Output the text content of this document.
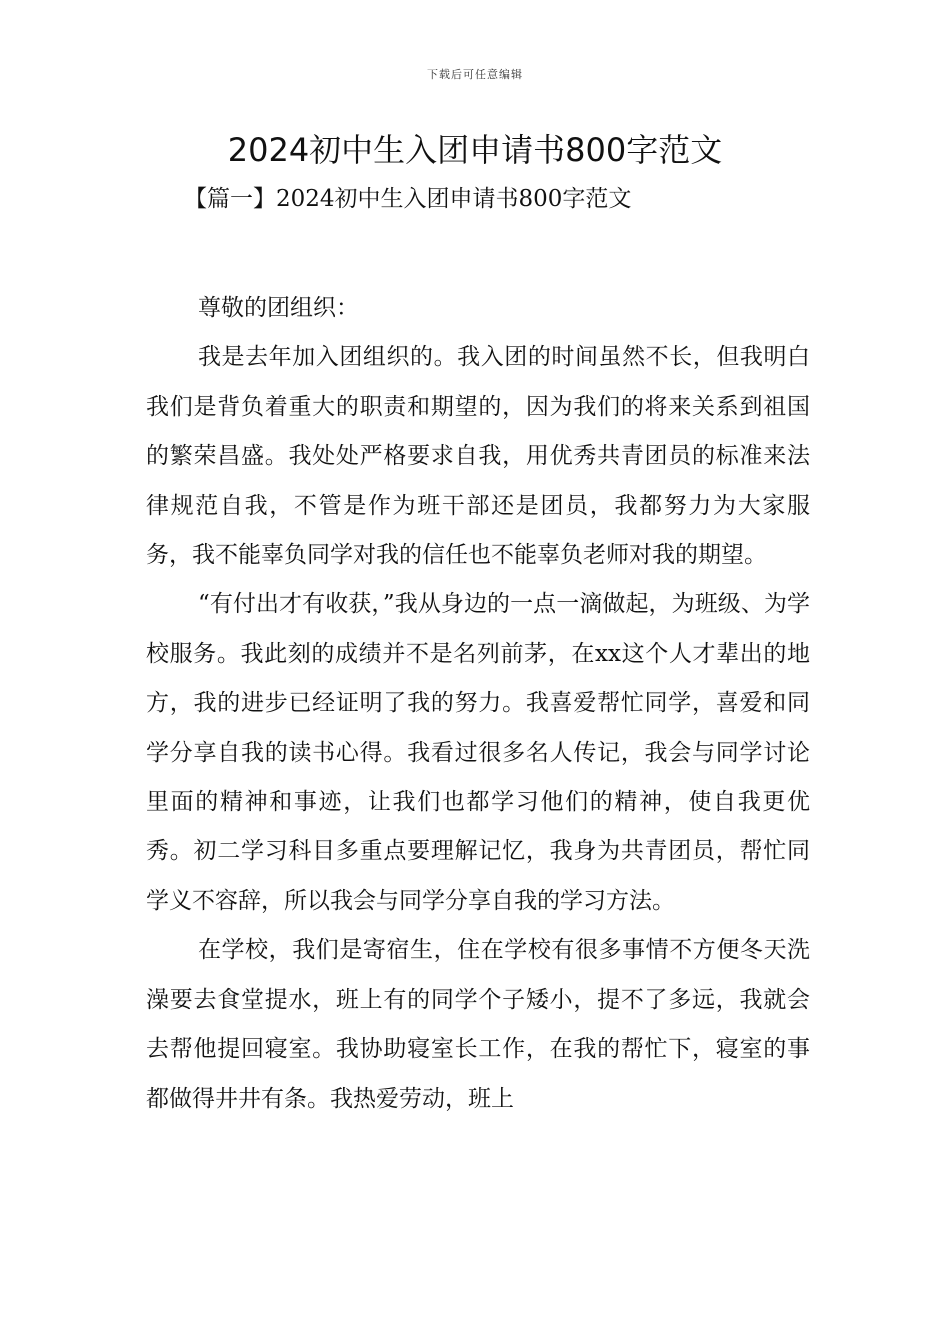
下载后可任意编辑
2024初中生入团申请书800字范文
【篇一】2024初中生入团申请书800字范文

尊敬的团组织：

我是去年加入团组织的。我入团的时间虽然不长，但我明白我们是背负着重大的职责和期望的，因为我们的将来关系到祖国的繁荣昌盛。我处处严格要求自我，用优秀共青团员的标准来法律规范自我，不管是作为班干部还是团员，我都努力为大家服务，我不能辜负同学对我的信任也不能辜负老师对我的期望。

“有付出才有收获，”我从身边的一点一滴做起，为班级、为学校服务。我此刻的成绩并不是名列前茅，在xx这个人才辈出的地方，我的进步已经证明了我的努力。我喜爱帮忙同学，喜爱和同学分享自我的读书心得。我看过很多名人传记，我会与同学讨论里面的精神和事迹，让我们也都学习他们的精神，使自我更优秀。初二学习科目多重点要理解记忆，我身为共青团员，帮忙同学义不容辞，所以我会与同学分享自我的学习方法。

在学校，我们是寄宿生，住在学校有很多事情不方便冬天洗澡要去食堂提水，班上有的同学个子矮小，提不了多远，我就会去帮他提回寝室。我协助寝室长工作，在我的帮忙下，寝室的事都做得井井有条。我热爱劳动，班上
